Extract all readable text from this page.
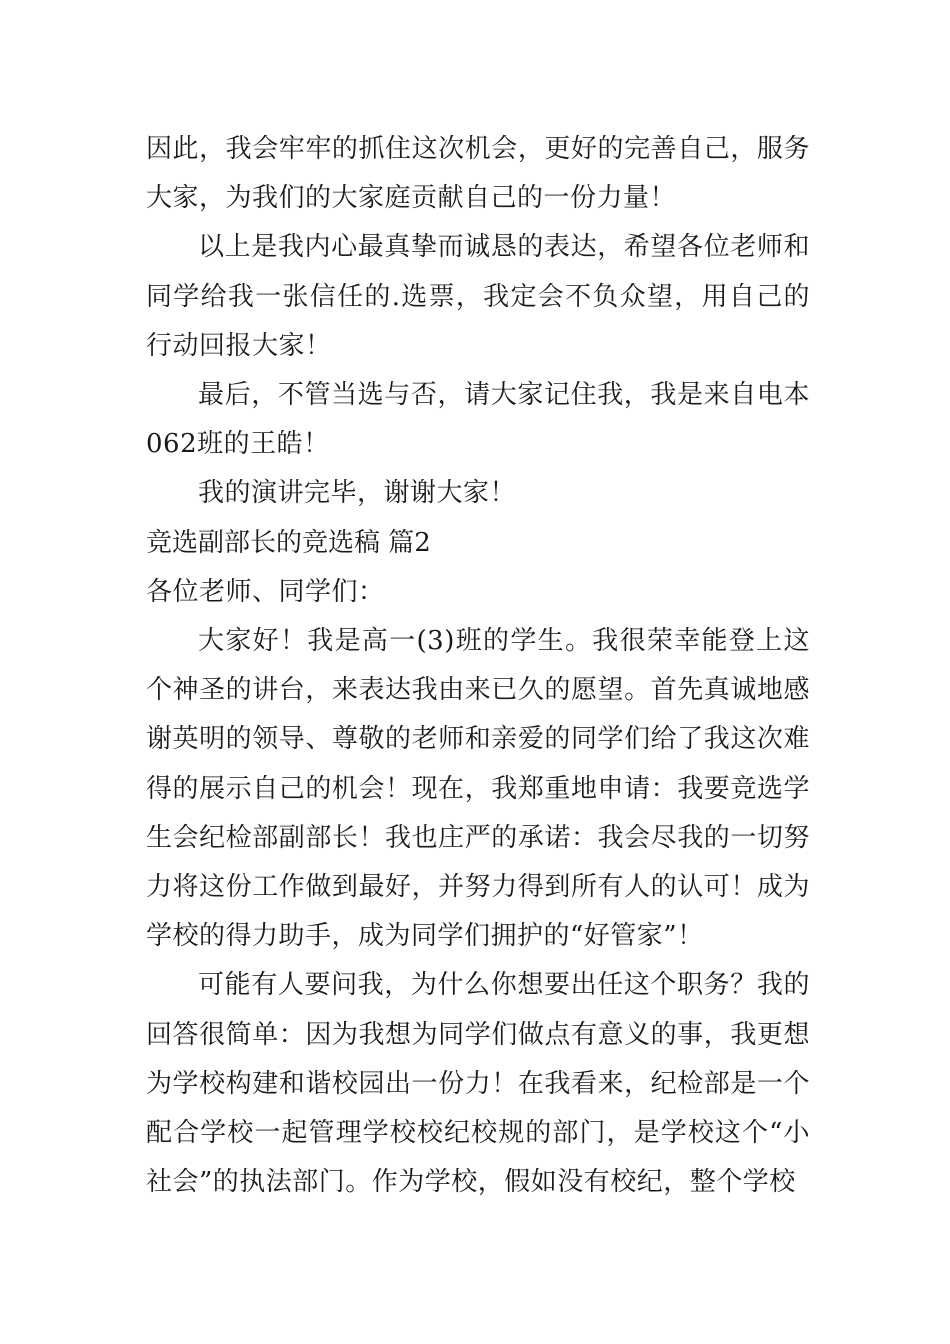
因此，我会牢牢的抓住这次机会，更好的完善自己，服务大家，为我们的大家庭贡献自己的一份力量！

以上是我内心最真挚而诚恳的表达，希望各位老师和同学给我一张信任的.选票，我定会不负众望，用自己的行动回报大家！

最后，不管当选与否，请大家记住我，我是来自电本062班的王皓！

我的演讲完毕，谢谢大家！

竞选副部长的竞选稿 篇2

各位老师、同学们：

大家好！我是高一(3)班的学生。我很荣幸能登上这个神圣的讲台，来表达我由来已久的愿望。首先真诚地感谢英明的领导、尊敬的老师和亲爱的同学们给了我这次难得的展示自己的机会！现在，我郑重地申请：我要竞选学生会纪检部副部长！我也庄严的承诺：我会尽我的一切努力将这份工作做到最好，并努力得到所有人的认可！成为学校的得力助手，成为同学们拥护的“好管家”！

可能有人要问我，为什么你想要出任这个职务？我的回答很简单：因为我想为同学们做点有意义的事，我更想为学校构建和谐校园出一份力！在我看来，纪检部是一个配合学校一起管理学校校纪校规的部门，是学校这个“小社会”的执法部门。作为学校，假如没有校纪，整个学校
